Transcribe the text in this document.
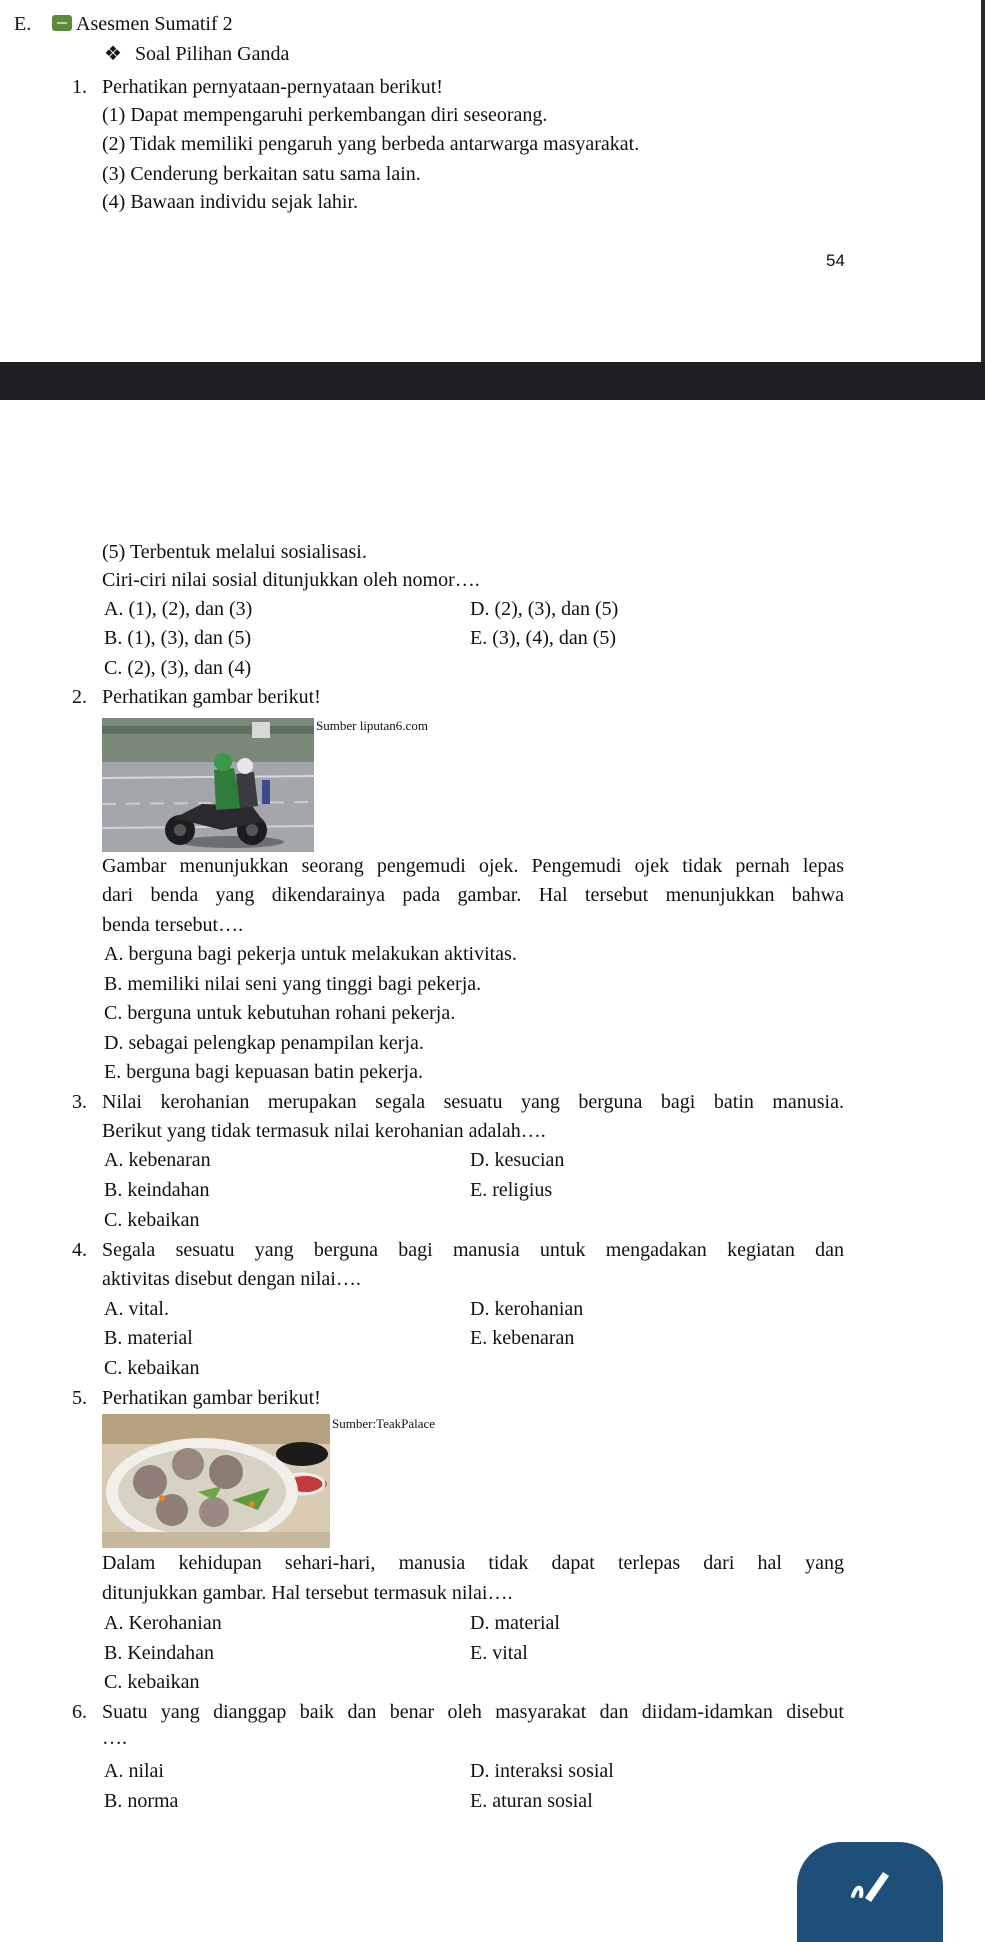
E.	Asesmen Sumatif 2
❖ Soal Pilihan Ganda
1. Perhatikan pernyataan-pernyataan berikut!
(1) Dapat mempengaruhi perkembangan diri seseorang.
(2) Tidak memiliki pengaruh yang berbeda antarwarga masyarakat.
(3) Cenderung berkaitan satu sama lain.
(4) Bawaan individu sejak lahir.
54
(5) Terbentuk melalui sosialisasi.
Ciri-ciri nilai sosial ditunjukkan oleh nomor….
A. (1), (2), dan (3)	D. (2), (3), dan (5)
B. (1), (3), dan (5)	E. (3), (4), dan (5)
C. (2), (3), dan (4)
2. Perhatikan gambar berikut!
Sumber liputan6.com
Gambar menunjukkan seorang pengemudi ojek. Pengemudi ojek tidak pernah lepas
dari benda yang dikendarainya pada gambar. Hal tersebut menunjukkan bahwa
benda tersebut….
A. berguna bagi pekerja untuk melakukan aktivitas.
B. memiliki nilai seni yang tinggi bagi pekerja.
C. berguna untuk kebutuhan rohani pekerja.
D. sebagai pelengkap penampilan kerja.
E. berguna bagi kepuasan batin pekerja.
3. Nilai kerohanian merupakan segala sesuatu yang berguna bagi batin manusia.
Berikut yang tidak termasuk nilai kerohanian adalah….
A. kebenaran	D. kesucian
B. keindahan	E. religius
C. kebaikan
4. Segala sesuatu yang berguna bagi manusia untuk mengadakan kegiatan dan
aktivitas disebut dengan nilai….
A. vital.	D. kerohanian
B. material	E. kebenaran
C. kebaikan
5. Perhatikan gambar berikut!
Sumber:TeakPalace
Dalam kehidupan sehari-hari, manusia tidak dapat terlepas dari hal yang
ditunjukkan gambar. Hal tersebut termasuk nilai….
A. Kerohanian	D. material
B. Keindahan	E. vital
C. kebaikan
6. Suatu yang dianggap baik dan benar oleh masyarakat dan diidam-idamkan disebut
….
A. nilai	D. interaksi sosial
B. norma	E. aturan sosial
